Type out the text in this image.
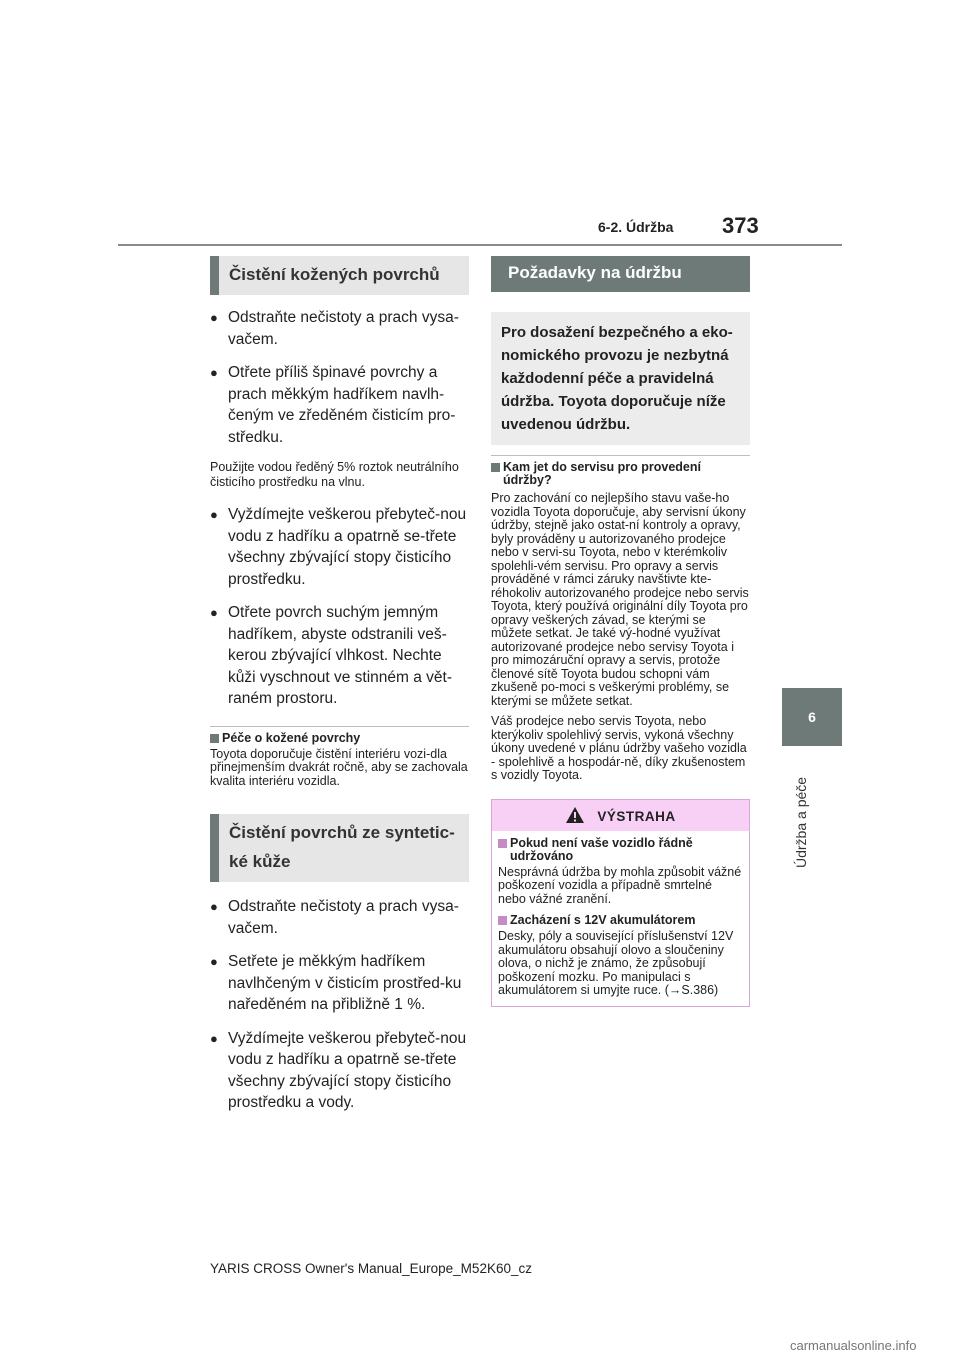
6-2. Údržba 373
6
Údržba a péče
Čistění kožených povrchů
● Odstraňte nečistoty a prach vysa-vačem.
● Otřete příliš špinavé povrchy a prach měkkým hadříkem navlh-čeným ve zředěném čisticím pro-středku.

Použijte vodou ředěný 5% roztok neutrálního čisticího prostředku na vlnu.

● Vyždímejte veškerou přebyteč-nou vodu z hadříku a opatrně se-třete všechny zbývající stopy čisticího prostředku.
● Otřete povrch suchým jemným hadříkem, abyste odstranili veš-kerou zbývající vlhkost. Nechte kůži vyschnout ve stinném a vět-raném prostoru.
Péče o kožené povrchy

Toyota doporučuje čistění interiéru vozi-dla přinejmenším dvakrát ročně, aby se zachovala kvalita interiéru vozidla.

Čistění povrchů ze syntetic-ké kůže
● Odstraňte nečistoty a prach vysa-vačem.
● Setřete je měkkým hadříkem navlhčeným v čisticím prostřed-ku naředěném na přibližně 1 %.
● Vyždímejte veškerou přebyteč-nou vodu z hadříku a opatrně se-třete všechny zbývající stopy čisticího prostředku a vody.
Požadavky na údržbu
Pro dosažení bezpečného a eko-nomického provozu je nezbytná každodenní péče a pravidelná údržba. Toyota doporučuje níže uvedenou údržbu.
Kam jet do servisu pro provedení údržby?

Pro zachování co nejlepšího stavu vaše-ho vozidla Toyota doporučuje, aby servisní úkony údržby, stejně jako ostat-ní kontroly a opravy, byly prováděny u autorizovaného prodejce nebo v servi-su Toyota, nebo v kterémkoliv spolehli-vém servisu. Pro opravy a servis prováděné v rámci záruky navštivte kte-réhokoliv autorizovaného prodejce nebo servis Toyota, který používá originální díly Toyota pro opravy veškerých závad, se kterými se můžete setkat. Je také vý-hodné využívat autorizované prodejce nebo servisy Toyota i pro mimozáruční opravy a servis, protože členové sítě Toyota budou schopni vám zkušeně po-moci s veškerými problémy, se kterými se můžete setkat.

Váš prodejce nebo servis Toyota, nebo kterýkoliv spolehlivý servis, vykoná všechny úkony uvedené v plánu údržby vašeho vozidla - spolehlivě a hospodár-ně, díky zkušenostem s vozidly Toyota.

VÝSTRAHA
Pokud není vaše vozidlo řádně udržováno

Nesprávná údržba by mohla způsobit vážné poškození vozidla a případně smrtelné nebo vážné zranění.

Zacházení s 12V akumulátorem

Desky, póly a související příslušenství 12V akumulátoru obsahují olovo a sloučeniny olova, o nichž je známo, že způsobují poškození mozku. Po manipulaci s akumulátorem si umyjte ruce. (→S.386)

YARIS CROSS Owner's Manual_Europe_M52K60_cz
carmanualsonline.info
